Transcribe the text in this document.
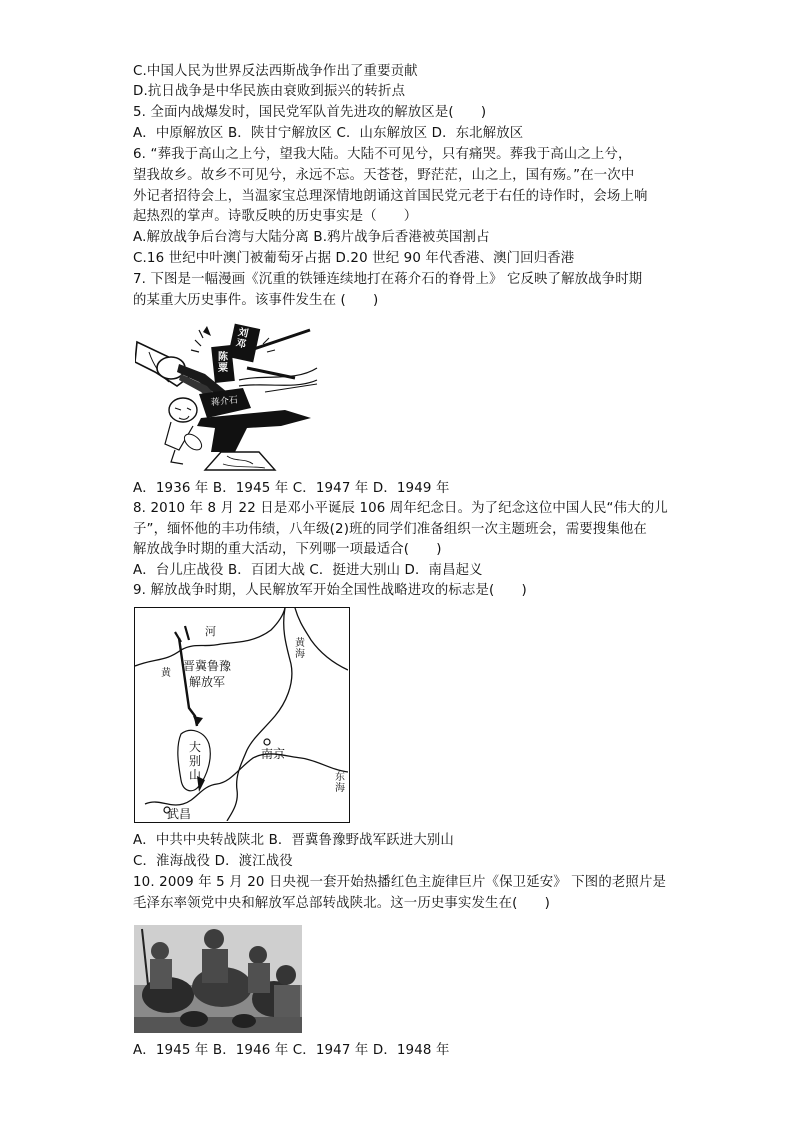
C.中国人民为世界反法西斯战争作出了重要贡献
D.抗日战争是中华民族由衰败到振兴的转折点
5. 全面内战爆发时，国民党军队首先进攻的解放区是(　　)
A．中原解放区 B．陕甘宁解放区 C．山东解放区 D．东北解放区
6. “葬我于高山之上兮，望我大陆。大陆不可见兮，只有痛哭。葬我于高山之上兮，
望我故乡。故乡不可见兮，永远不忘。天苍苍，野茫茫，山之上，国有殇。”在一次中
外记者招待会上，当温家宝总理深情地朗诵这首国民党元老于右任的诗作时，会场上响
起热烈的掌声。诗歌反映的历史事实是（　　）
A.解放战争后台湾与大陆分离 B.鸦片战争后香港被英国割占
C.16 世纪中叶澳门被葡萄牙占据 D.20 世纪 90 年代香港、澳门回归香港
7. 下图是一幅漫画《沉重的铁锤连续地打在蒋介石的脊骨上》 它反映了解放战争时期
的某重大历史事件。该事件发生在 (　　)
刘邓
陈粟
蒋介石
A．1936 年 B．1945 年 C．1947 年 D．1949 年
8. 2010 年 8 月 22 日是邓小平诞辰 106 周年纪念日。为了纪念这位中国人民“伟大的儿
子”，缅怀他的丰功伟绩，八年级(2)班的同学们准备组织一次主题班会，需要搜集他在
解放战争时期的重大活动，下列哪一项最适合(　　)
A．台儿庄战役 B．百团大战 C．挺进大别山 D．南昌起义
9. 解放战争时期，人民解放军开始全国性战略进攻的标志是(　　)
河
黄
黄海
晋冀鲁豫
解放军
大别山
南京
东海
武昌
A．中共中央转战陕北 B．晋冀鲁豫野战军跃进大别山
C．淮海战役 D．渡江战役
10. 2009 年 5 月 20 日央视一套开始热播红色主旋律巨片《保卫延安》 下图的老照片是
毛泽东率领党中央和解放军总部转战陕北。这一历史事实发生在(　　)
A．1945 年 B．1946 年 C．1947 年 D．1948 年
